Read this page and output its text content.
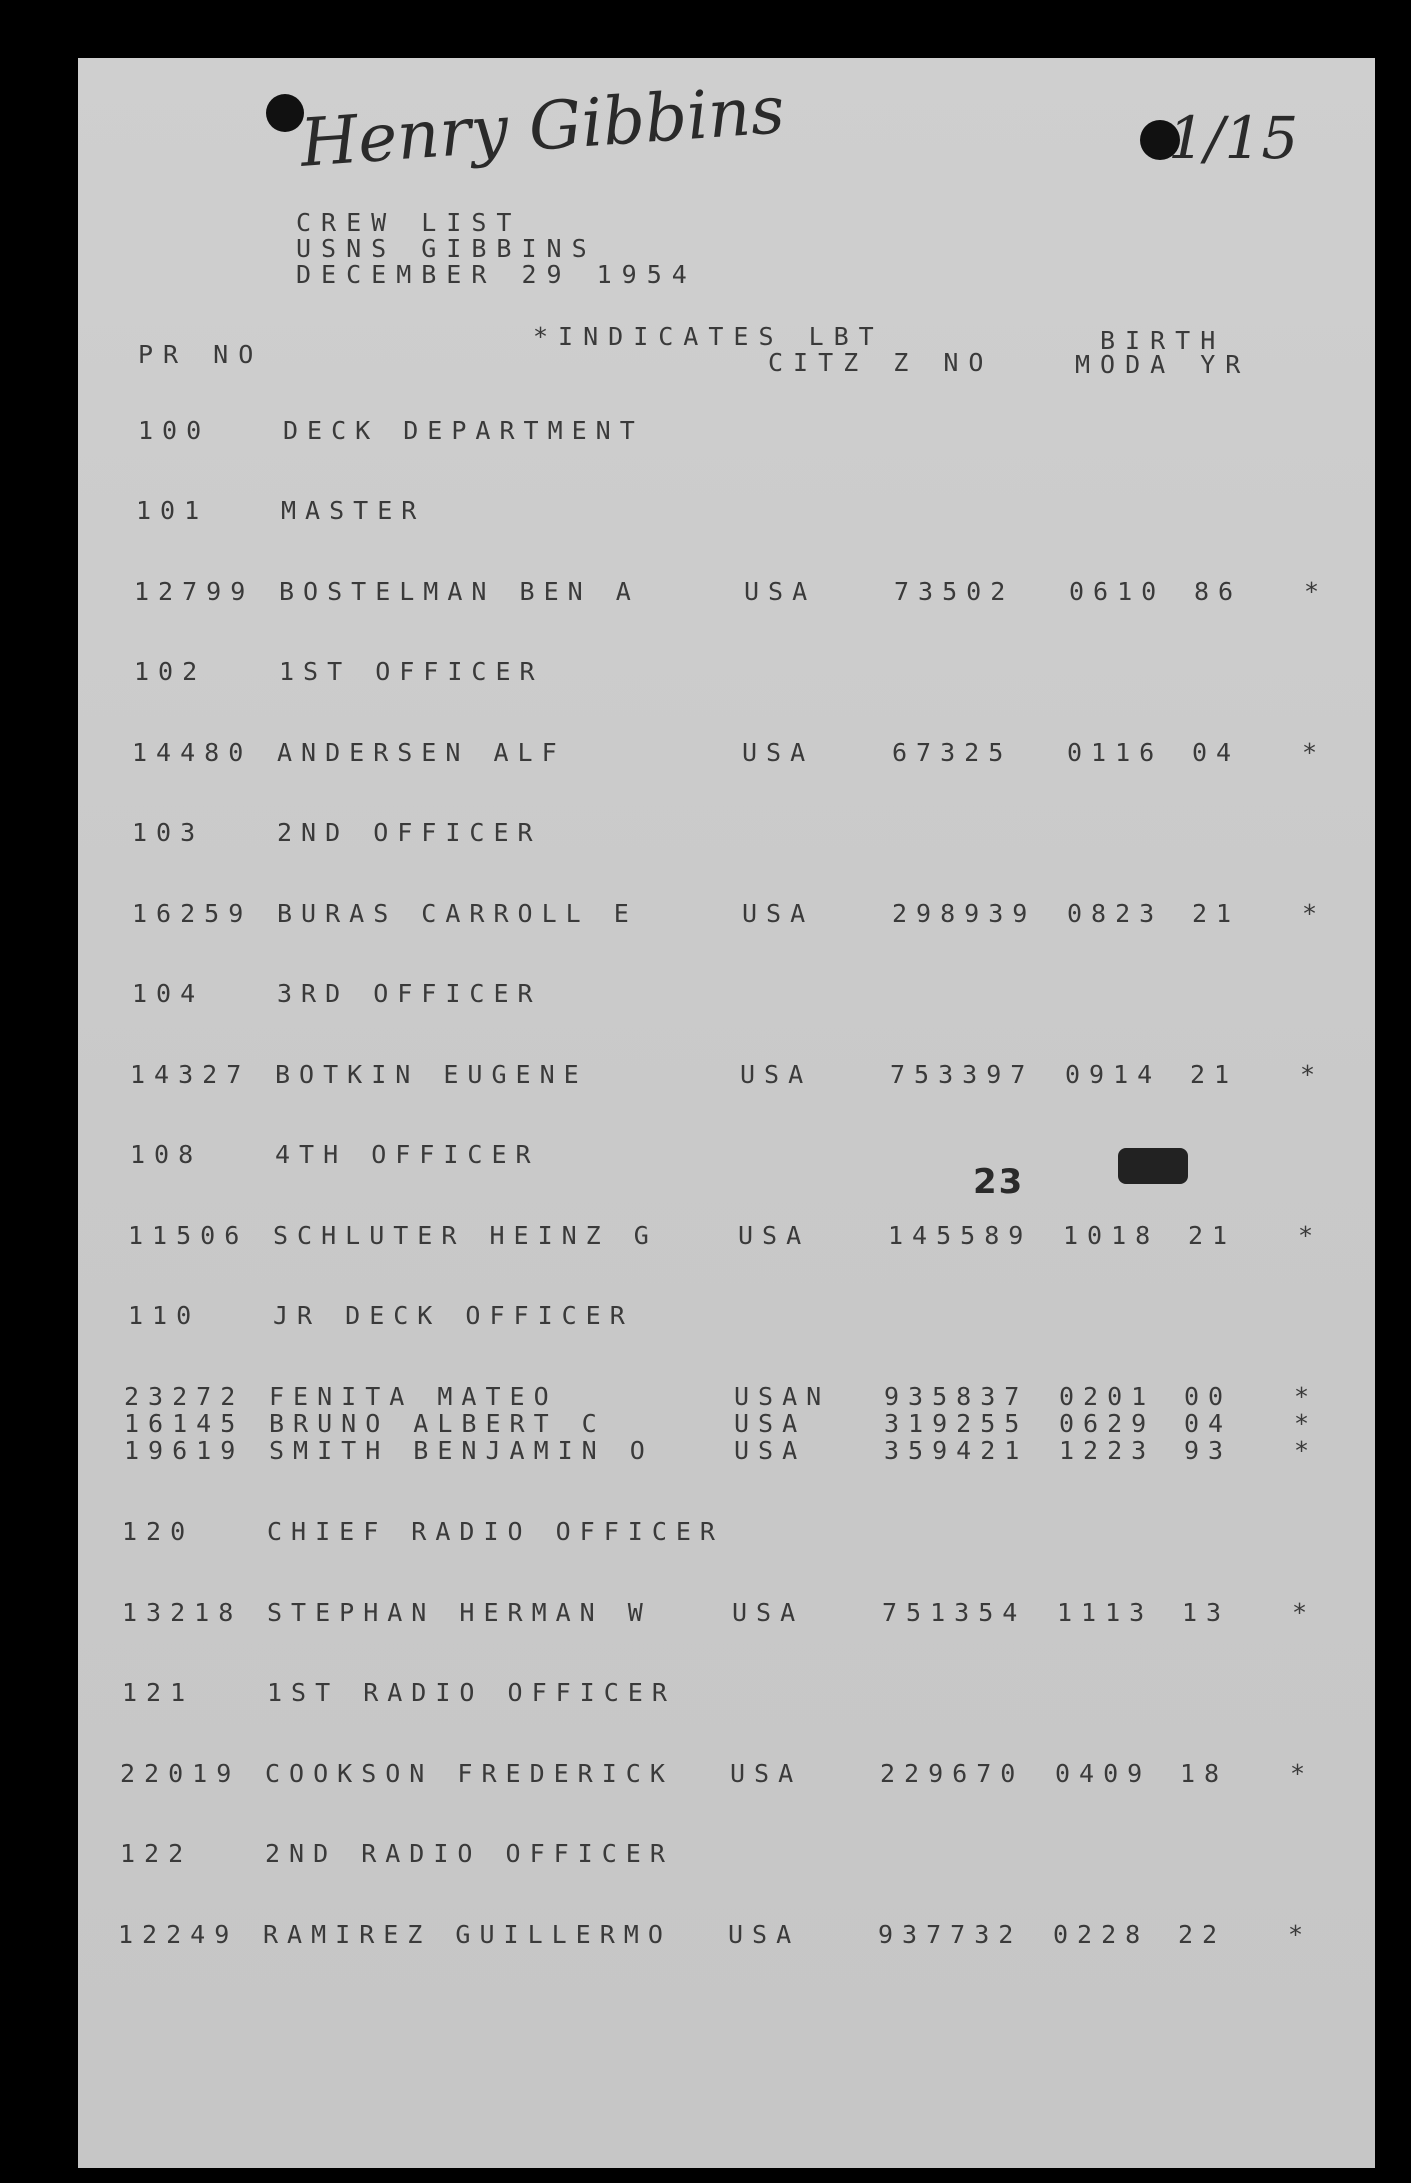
Henry Gibbins	1/15
CREW LIST
USNS GIBBINS
DECEMBER 29 1954
*INDICATES LBT	BIRTH
PR NO	CITZ Z NO	MODA YR
23
100	DECK DEPARTMENT
101	MASTER
12799 BOSTELMAN BEN A	USA	73502 0610 86 *
102	1ST OFFICER
14480 ANDERSEN ALF	USA	67325 0116 04 *
103	2ND OFFICER
16259 BURAS CARROLL E	USA	298939 0823 21 *
104	3RD OFFICER
14327 BOTKIN EUGENE	USA	753397 0914 21 *
108	4TH OFFICER
11506 SCHLUTER HEINZ G	USA	145589 1018 21 *
110	JR DECK OFFICER
23272 FENITA MATEO	USAN 935837 0201 00 *
16145 BRUNO ALBERT C	USA	319255 0629 04 *
19619 SMITH BENJAMIN O	USA	359421 1223 93 *
120	CHIEF RADIO OFFICER
13218 STEPHAN HERMAN W	USA	751354 1113 13 *
121	1ST RADIO OFFICER
22019 COOKSON FREDERICK USA	229670 0409 18 *
122	2ND RADIO OFFICER
12249 RAMIREZ GUILLERMO USA	937732 0228 22 *
